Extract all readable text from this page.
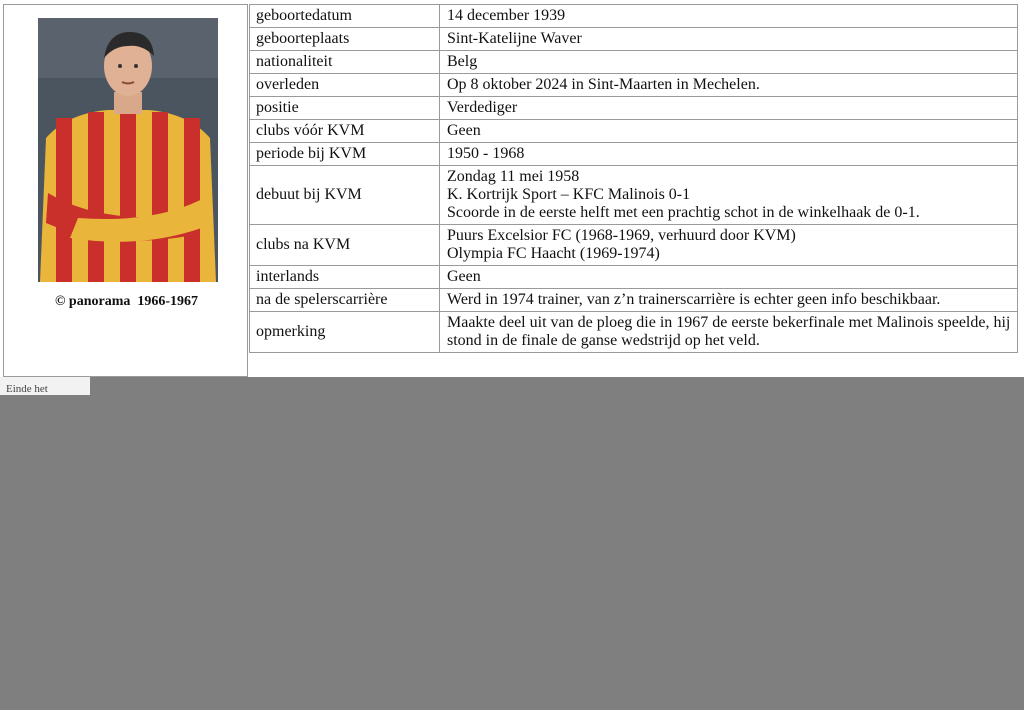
© panorama  1966-1967
geboortedatum	14 december 1939

geboorteplaats	Sint-Katelijne Waver

nationaliteit	Belg

overleden	Op 8 oktober 2024 in Sint-Maarten in Mechelen.

positie	Verdediger

clubs vóór KVM	Geen

periode bij KVM	1950 - 1968

debuut bij KVM	Zondag 11 mei 1958
K. Kortrijk Sport – KFC Malinois 0-1
Scoorde in de eerste helft met een prachtig schot in de winkelhaak de 0-1.

clubs na KVM	Puurs Excelsior FC (1968-1969, verhuurd door KVM)
Olympia FC Haacht (1969-1974)

interlands	Geen

na de spelerscarrière	Werd in 1974 trainer, van z’n trainerscarrière is echter geen info beschikbaar.

opmerking	Maakte deel uit van de ploeg die in 1967 de eerste bekerfinale met Malinois speelde, hij stond in de finale de ganse wedstrijd op het veld.
Einde het
